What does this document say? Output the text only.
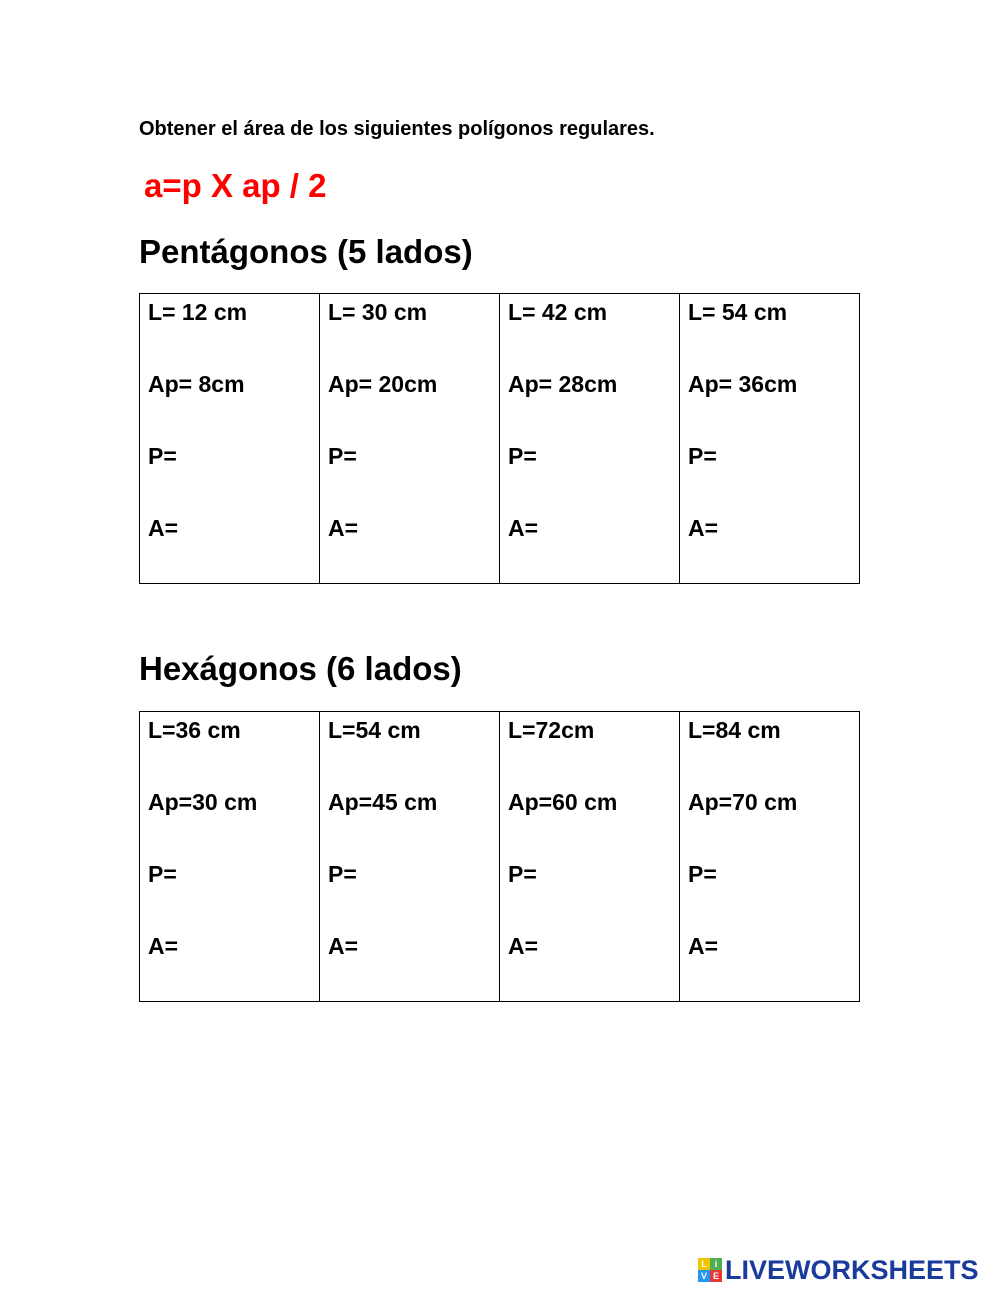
Obtener el área de los siguientes polígonos regulares.

a=p X ap / 2

Pentágonos (5 lados)
L= 12 cm
Ap= 8cm
P=
A=

L= 30 cm
Ap= 20cm
P=
A=

L= 42 cm
Ap= 28cm
P=
A=

L= 54 cm
Ap= 36cm
P=
A=
Hexágonos (6 lados)
L=36 cm
Ap=30 cm
P=
A=

L=54 cm
Ap=45 cm
P=
A=

L=72cm
Ap=60 cm
P=
A=

L=84 cm
Ap=70 cm
P=
A=
L i
V E LIVEWORKSHEETS
